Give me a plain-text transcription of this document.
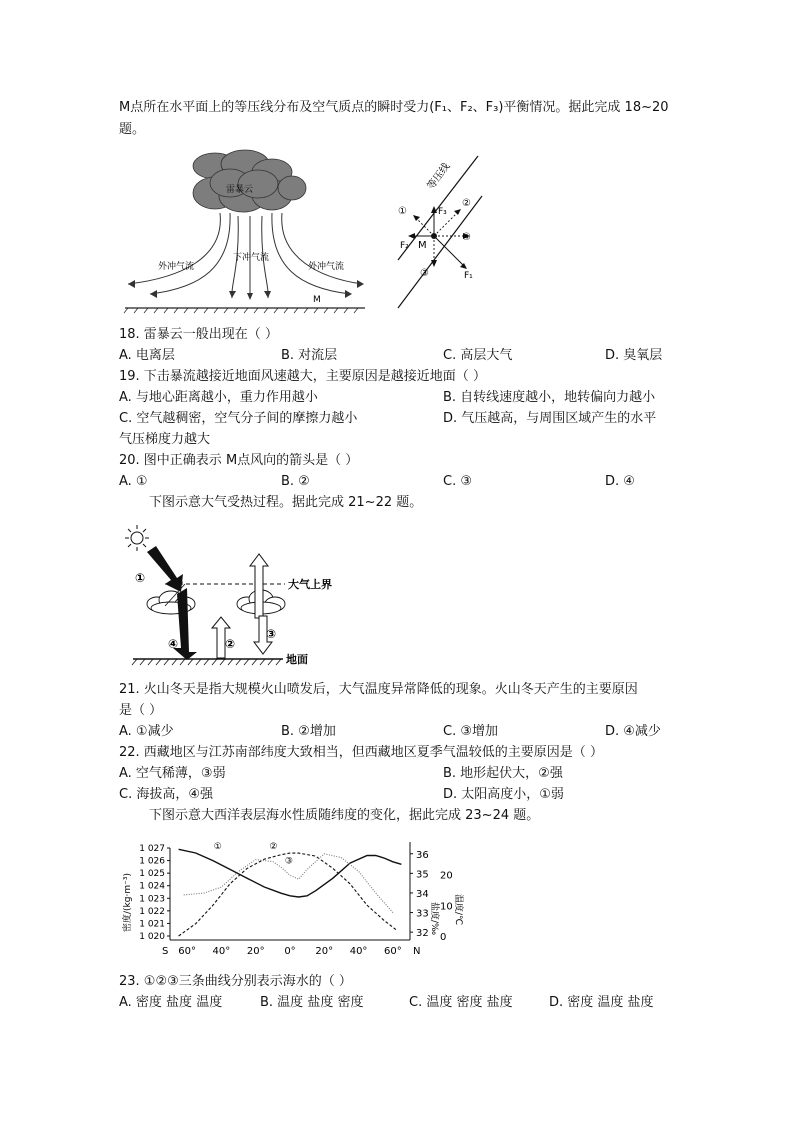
M点所在水平面上的等压线分布及空气质点的瞬时受力(F₁、F₂、F₃)平衡情况。据此完成 18~20
题。
雷暴云
外冲气流
下冲气流
外冲气流
M
等压线
F₃
F₂
F₁
M
①
②
③
④
18. 雷暴云一般出现在（ ）
A. 电离层	B. 对流层	C. 高层大气	D. 臭氧层
19. 下击暴流越接近地面风速越大，主要原因是越接近地面（ ）
A. 与地心距离越小，重力作用越小	B. 自转线速度越小，地转偏向力越小
C. 空气越稠密，空气分子间的摩擦力越小	D. 气压越高，与周围区域产生的水平
气压梯度力越大
20. 图中正确表示 M点风向的箭头是（ ）
A. ①	B. ②	C. ③	D. ④
下图示意大气受热过程。据此完成 21~22 题。
大气上界
①
④	②
③
地面
21. 火山冬天是指大规模火山喷发后，大气温度异常降低的现象。火山冬天产生的主要原因
是（ ）
A. ①减少	B. ②增加	C. ③增加	D. ④减少
22. 西藏地区与江苏南部纬度大致相当，但西藏地区夏季气温较低的主要原因是（ ）
A. 空气稀薄，③弱	B. 地形起伏大，②强
C. 海拔高，④强	D. 太阳高度小，①弱
下图示意大西洋表层海水性质随纬度的变化，据此完成 23~24 题。
密度/(kg·m⁻³)
1 027
1 026
1 025
1 024
1 023
1 022
1 021
1 020
36
35
34
33
32
20
10
0
盐度/‰ 温度/℃
S 60° 40° 20° 0° 20° 40° 60° N
①	②
③
23. ①②③三条曲线分别表示海水的（ ）
A. 密度 盐度 温度	B. 温度 盐度 密度	C. 温度 密度 盐度	D. 密度 温度 盐度
